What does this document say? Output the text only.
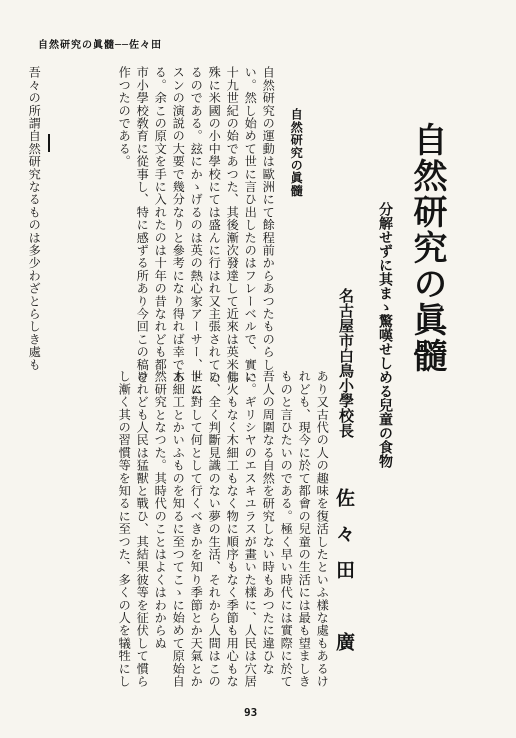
自然研究の眞髓──佐々田
自然研究の眞髓
分解せずに其まゝ驚嘆せしめる兒童の食物
名古屋市白鳥小學校長
佐々田　廣
あり又古代の人の趣味を復活したといふ樣な處もあるけ
れども、現今に於て都會の兒童の生活には最も望ましき
ものと言ひたいのである。極く早い時代には實際に於て
吾人の周圍なる自然を研究しない時もあつたに違ひな
い。ギリシヤのエスキユラスが畫いた樣に、人民は穴居
し火もなく木細工もなく物に順序もなく季節も用心もな
い、全く判斷見識のない夢の生活、それから人間はこの
世に對して何として行くべきかを知り季節とか天氣とか
木細工とかいふものを知るに至つてこゝに始めて原始自
然研究となつた。其時代のことはよくはわからぬ
けれども人民は猛獸と戰ひ、其結果彼等を征伏して慣ら
し漸く其の習慣等を知るに至つた、多くの人を犠牲にし
自然研究の眞髓
自然研究の運動は歐洲にて餘程前からあつたものらし
い。然し始めて世に言ひ出したのはフレーベルで、實に
十九世紀の始であつた、其後漸次發達して近來は英米佛
殊に米國の小中學校にては盛んに行はれ又主張されてゐ
るのである。玆にかゝげるのは英の熱心家アーサー、トム
スンの演説の大要で幾分なりと參考になり得れば幸であ
る。余この原文を手に入れたのは十年の昔なれども都
市小學校敎育に從事し、特に感ずる所あり今回この稿を
作つたのである。
吾々の所謂自然研究なるものは多少わざとらしき處も
93
